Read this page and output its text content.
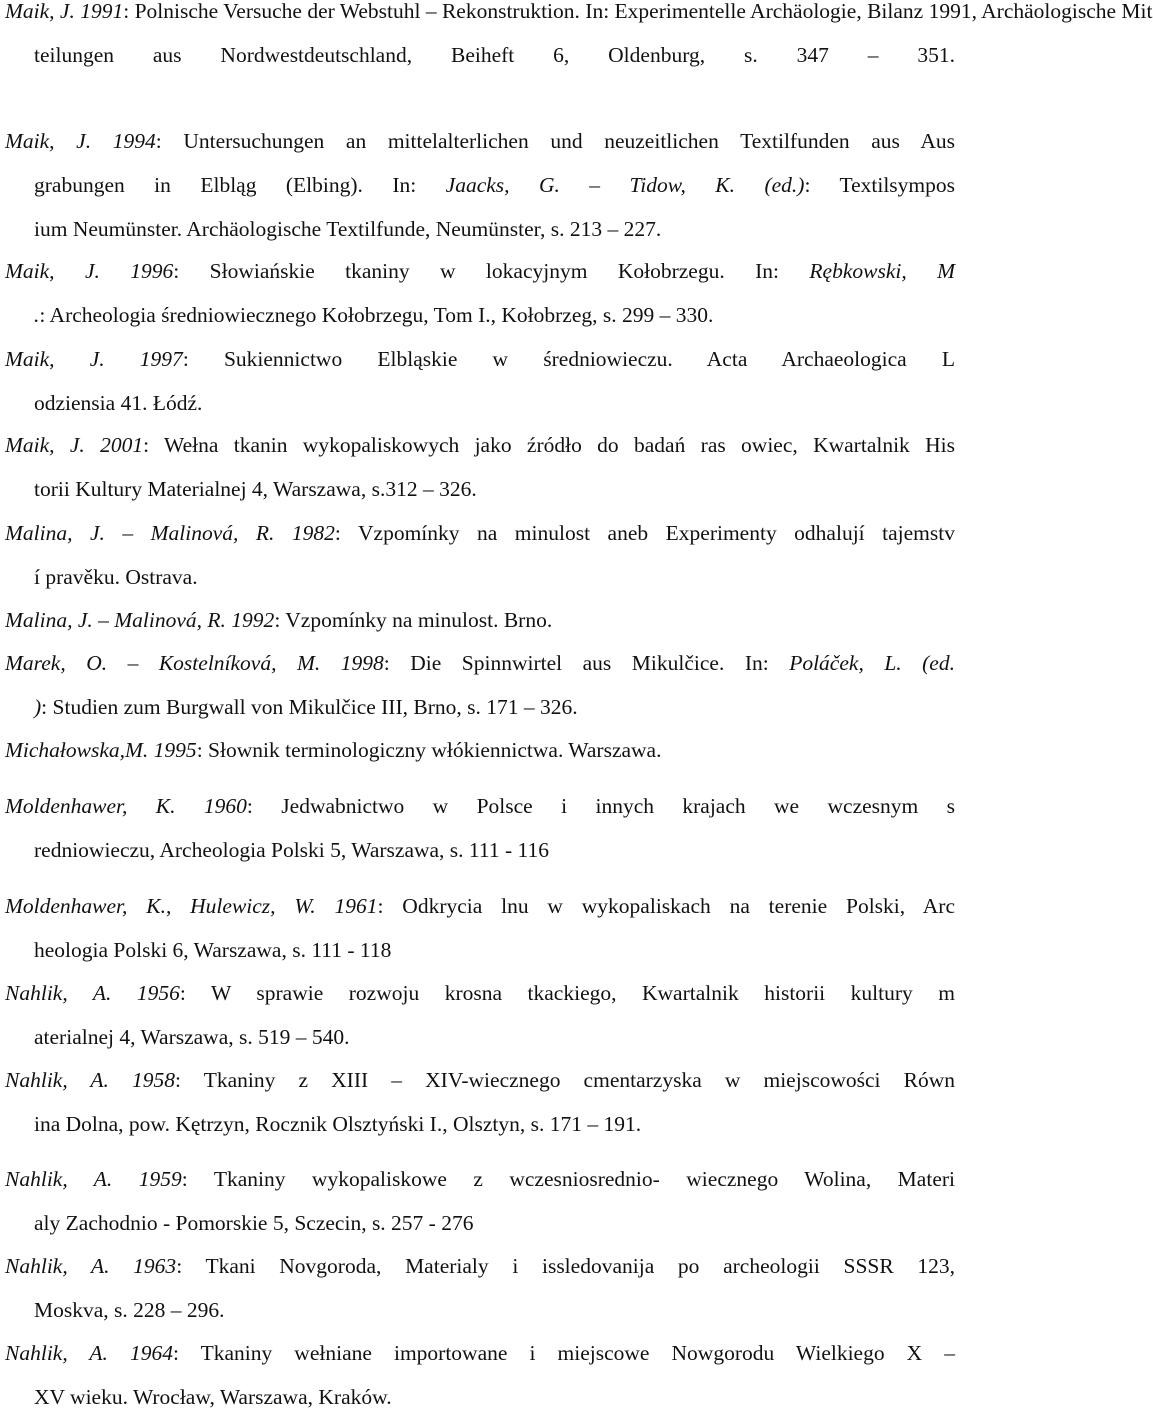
Maik, J. 1991: Polnische Versuche der Webstuhl – Rekonstruktion. In: Experimentelle Archäologie, Bilanz 1991, Archäologische Mit
teilungen aus Nordwestdeutschland, Beiheft 6, Oldenburg, s. 347 – 351.
Maik, J. 1994: Untersuchungen an mittelalterlichen und neuzeitlichen Textilfunden aus Aus
grabungen in Elbląg (Elbing). In: Jaacks, G. – Tidow, K. (ed.): Textilsympos
ium Neumünster. Archäologische Textilfunde, Neumünster, s. 213 – 227.
Maik, J. 1996: Słowiańskie tkaniny w lokacyjnym Kołobrzegu. In: Rębkowski, M
.: Archeologia średniowiecznego Kołobrzegu, Tom I., Kołobrzeg, s. 299 – 330.
Maik, J. 1997: Sukiennictwo Elbląskie w średniowieczu. Acta Archaeologica L
odziensia 41. Łódź.
Maik, J. 2001: Wełna tkanin wykopaliskowych jako źródło do badań ras owiec, Kwartalnik His
torii Kultury Materialnej 4, Warszawa, s.312 – 326.
Malina, J. – Malinová, R. 1982: Vzpomínky na minulost aneb Experimenty odhalují tajemstv
í pravěku. Ostrava.
Malina, J. – Malinová, R. 1992: Vzpomínky na minulost. Brno.
Marek, O. – Kostelníková, M. 1998: Die Spinnwirtel aus Mikulčice. In: Poláček, L. (ed.
): Studien zum Burgwall von Mikulčice III, Brno, s. 171 – 326.
Michałowska,M. 1995: Słownik terminologiczny włókiennictwa. Warszawa.
Moldenhawer, K. 1960: Jedwabnictwo w Polsce i innych krajach we wczesnym s
redniowieczu, Archeologia Polski 5, Warszawa, s. 111 - 116
Moldenhawer, K., Hulewicz, W. 1961: Odkrycia lnu w wykopaliskach na terenie Polski, Arc
heologia Polski 6, Warszawa, s. 111 - 118
Nahlik, A. 1956: W sprawie rozwoju krosna tkackiego, Kwartalnik historii kultury m
aterialnej 4, Warszawa, s. 519 – 540.
Nahlik, A. 1958: Tkaniny z XIII – XIV-wiecznego cmentarzyska w miejscowości Równ
ina Dolna, pow. Kętrzyn, Rocznik Olsztyński I., Olsztyn, s. 171 – 191.
Nahlik, A. 1959: Tkaniny wykopaliskowe z wczesniosrednio- wiecznego Wolina, Materi
aly Zachodnio - Pomorskie 5, Sczecin, s. 257 - 276
Nahlik, A. 1963: Tkani Novgoroda, Materialy i issledovanija po archeologii SSSR 123,
Moskva, s. 228 – 296.
Nahlik, A. 1964: Tkaniny wełniane importowane i miejscowe Nowgorodu Wielkiego X –
XV wieku. Wrocław, Warszawa, Kraków.
